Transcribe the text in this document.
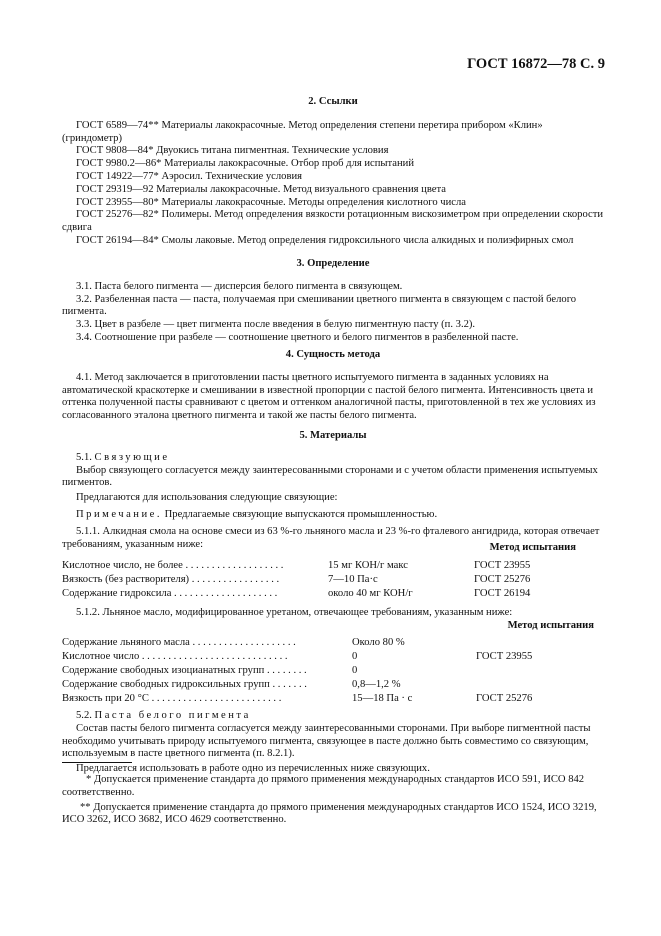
ГОСТ 16872—78 С. 9
2. Ссылки
ГОСТ 6589—74** Материалы лакокрасочные. Метод определения степени перетира прибором «Клин» (гриндометр)
ГОСТ 9808—84* Двуокись титана пигментная. Технические условия
ГОСТ 9980.2—86* Материалы лакокрасочные. Отбор проб для испытаний
ГОСТ 14922—77* Аэросил. Технические условия
ГОСТ 29319—92 Материалы лакокрасочные. Метод визуального сравнения цвета
ГОСТ 23955—80* Материалы лакокрасочные. Методы определения кислотного числа
ГОСТ 25276—82* Полимеры. Метод определения вязкости ротационным вискозиметром при определении скорости сдвига
ГОСТ 26194—84* Смолы лаковые. Метод определения гидроксильного числа алкидных и полиэфирных смол
3. Определение
3.1. Паста белого пигмента — дисперсия белого пигмента в связующем.
3.2. Разбеленная паста — паста, получаемая при смешивании цветного пигмента в связующем с пастой белого пигмента.
3.3. Цвет в разбеле — цвет пигмента после введения в белую пигментную пасту (п. 3.2).
3.4. Соотношение при разбеле — соотношение цветного и белого пигментов в разбеленной пасте.
4. Сущность метода
4.1. Метод заключается в приготовлении пасты цветного испытуемого пигмента в заданных условиях на автоматической краскотерке и смешивании в известной пропорции с пастой белого пигмента. Интенсивность цвета и оттенка полученной пасты сравнивают с цветом и оттенком аналогичной пасты, приготовленной в тех же условиях из согласованного эталона цветного пигмента и такой же пасты белого пигмента.
5. Материалы
5.1. Связующие
Выбор связующего согласуется между заинтересованными сторонами и с учетом области применения испытуемых пигментов.
Предлагаются для использования следующие связующие:
Примечание. Предлагаемые связующие выпускаются промышленностью.
5.1.1. Алкидная смола на основе смеси из 63 %-го льняного масла и 23 %-го фталевого ангидрида, которая отвечает требованиям, указанным ниже:	Метод испытания
Кислотное число, не более . . . . . . . . . . . . . . . . . . .	15 мг КОН/г макс	ГОСТ 23955
Вязкость (без растворителя) . . . . . . . . . . . . . . . . .	7—10 Па·с	ГОСТ 25276
Содержание гидроксила . . . . . . . . . . . . . . . . . . . .	около 40 мг КОН/г	ГОСТ 26194
5.1.2. Льняное масло, модифицированное уретаном, отвечающее требованиям, указанным ниже:
Метод испытания
Содержание льняного масла . . . . . . . . . . . . . . . . . . . .	Около 80 %	
Кислотное число . . . . . . . . . . . . . . . . . . . . . . . . . . . .	0	ГОСТ 23955
Содержание свободных изоцианатных групп . . . . . . . .	0	
Содержание свободных гидроксильных групп . . . . . . .	0,8—1,2 %	
Вязкость при 20 °С . . . . . . . . . . . . . . . . . . . . . . . . .	15—18 Па · с	ГОСТ 25276
5.2. Паста белого пигмента
Состав пасты белого пигмента согласуется между заинтересованными сторонами. При выборе пигментной пасты необходимо учитывать природу испытуемого пигмента, связующее в пасте должно быть совместимо со связующим, используемым в пасте цветного пигмента (п. 8.2.1).
Предлагается использовать в работе одно из перечисленных ниже связующих.
* Допускается применение стандарта до прямого применения международных стандартов ИСО 591, ИСО 842 соответственно.
** Допускается применение стандарта до прямого применения международных стандартов ИСО 1524, ИСО 3219, ИСО 3262, ИСО 3682, ИСО 4629 соответственно.
